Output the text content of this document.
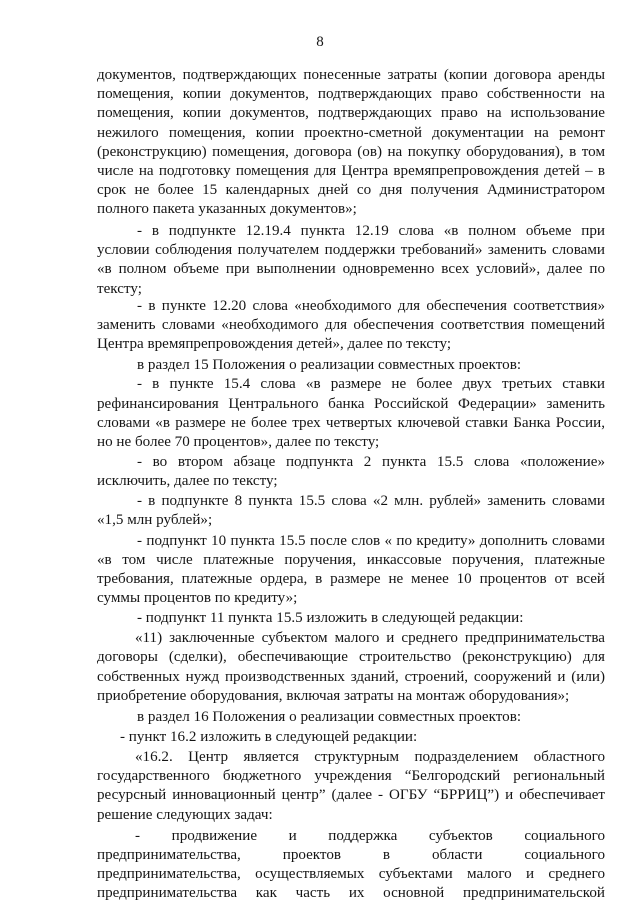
8
документов, подтверждающих понесенные затраты (копии договора аренды
помещения, копии документов, подтверждающих право собственности на
помещения, копии документов, подтверждающих право на использование
нежилого помещения, копии проектно-сметной документации на ремонт
(реконструкцию) помещения, договора (ов) на покупку оборудования), в том
числе на подготовку помещения для Центра времяпрепровождения детей – в
срок не более 15 календарных дней со дня получения Администратором
полного пакета указанных документов»;
- в подпункте 12.19.4 пункта 12.19 слова «в полном объеме при
условии соблюдения получателем поддержки требований» заменить словами
«в полном объеме при выполнении одновременно всех условий», далее по
тексту;
- в пункте 12.20 слова «необходимого для обеспечения соответствия»
заменить словами «необходимого для обеспечения соответствия помещений
Центра времяпрепровождения детей», далее по тексту;
в раздел 15 Положения о реализации совместных проектов:
- в пункте 15.4 слова «в размере не более двух третьих ставки
рефинансирования Центрального банка Российской Федерации» заменить
словами «в размере не более трех четвертых ключевой ставки Банка России,
но не более 70 процентов», далее по тексту;
- во втором абзаце подпункта 2 пункта 15.5 слова «положение»
исключить, далее по тексту;
- в подпункте 8 пункта 15.5 слова «2 млн. рублей» заменить словами
«1,5 млн рублей»;
- подпункт 10 пункта 15.5 после слов « по кредиту» дополнить словами
«в том числе платежные поручения, инкассовые поручения, платежные
требования, платежные ордера, в размере не менее 10 процентов от всей
суммы процентов по кредиту»;
- подпункт 11 пункта 15.5 изложить в следующей редакции:
«11) заключенные субъектом малого и среднего предпринимательства
договоры (сделки), обеспечивающие строительство (реконструкцию) для
собственных нужд производственных зданий, строений, сооружений и (или)
приобретение оборудования, включая затраты на монтаж оборудования»;
в раздел 16 Положения о реализации совместных проектов:
- пункт 16.2 изложить в следующей редакции:
«16.2. Центр является структурным подразделением областного
государственного бюджетного учреждения “Белгородский региональный
ресурсный инновационный центр” (далее - ОГБУ “БРРИЦ”) и обеспечивает
решение следующих задач:
- продвижение и поддержка субъектов социального
предпринимательства, проектов в области социального
предпринимательства, осуществляемых субъектами малого и среднего
предпринимательства как часть их основной предпринимательской
